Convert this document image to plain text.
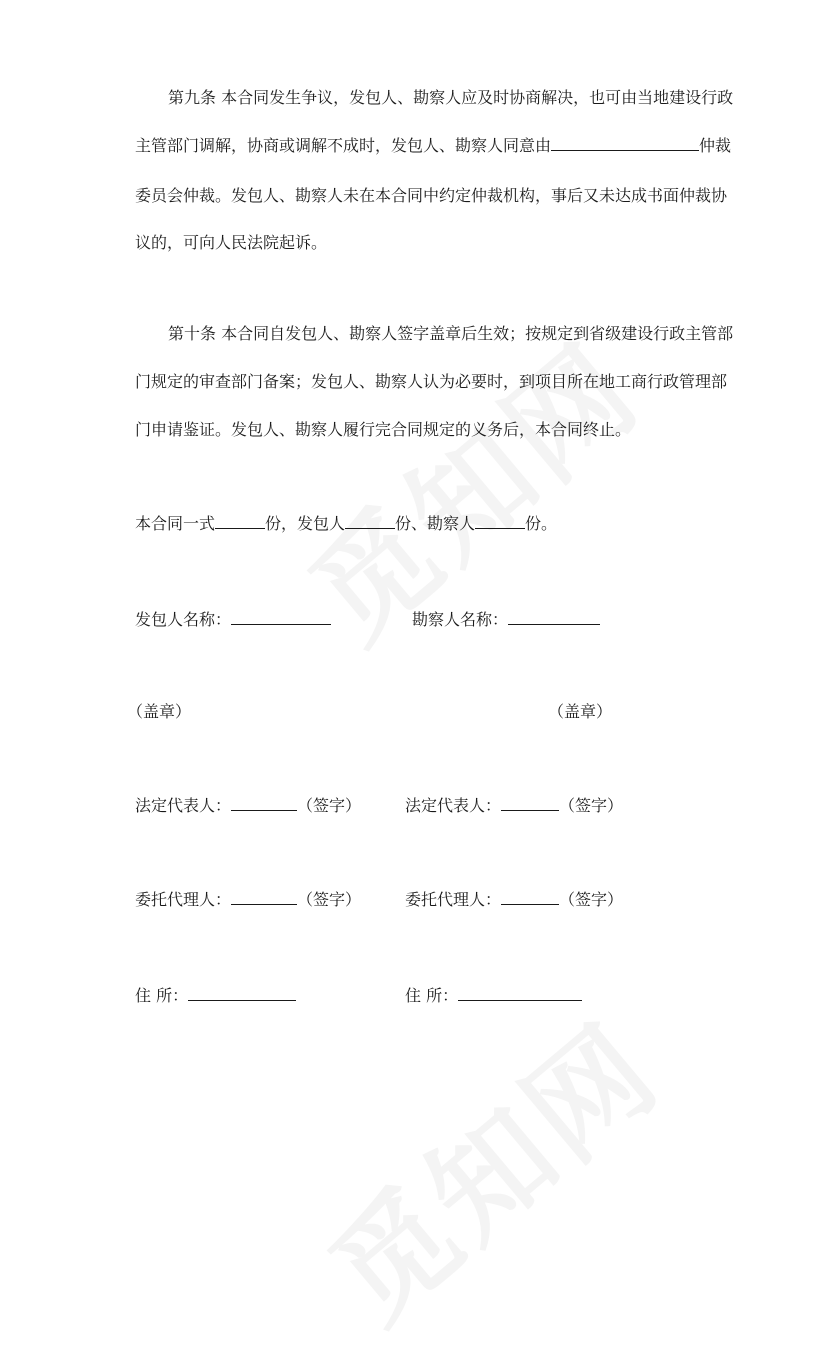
第九条 本合同发生争议，发包人、勘察人应及时协商解决，也可由当地建设行政
主管部门调解，协商或调解不成时，发包人、勘察人同意由	仲裁
委员会仲裁。发包人、勘察人未在本合同中约定仲裁机构，事后又未达成书面仲裁协
议的，可向人民法院起诉。
第十条 本合同自发包人、勘察人签字盖章后生效；按规定到省级建设行政主管部
门规定的审查部门备案；发包人、勘察人认为必要时，到项目所在地工商行政管理部
门申请鉴证。发包人、勘察人履行完合同规定的义务后，本合同终止。
本合同一式	份，发包人	份、勘察人	份。
发包人名称：	勘察人名称：
（盖章）	（盖章）
法定代表人：	（签字）	法定代表人：	（签字）
委托代理人：	（签字）	委托代理人：	（签字）
住 所：	住 所：
